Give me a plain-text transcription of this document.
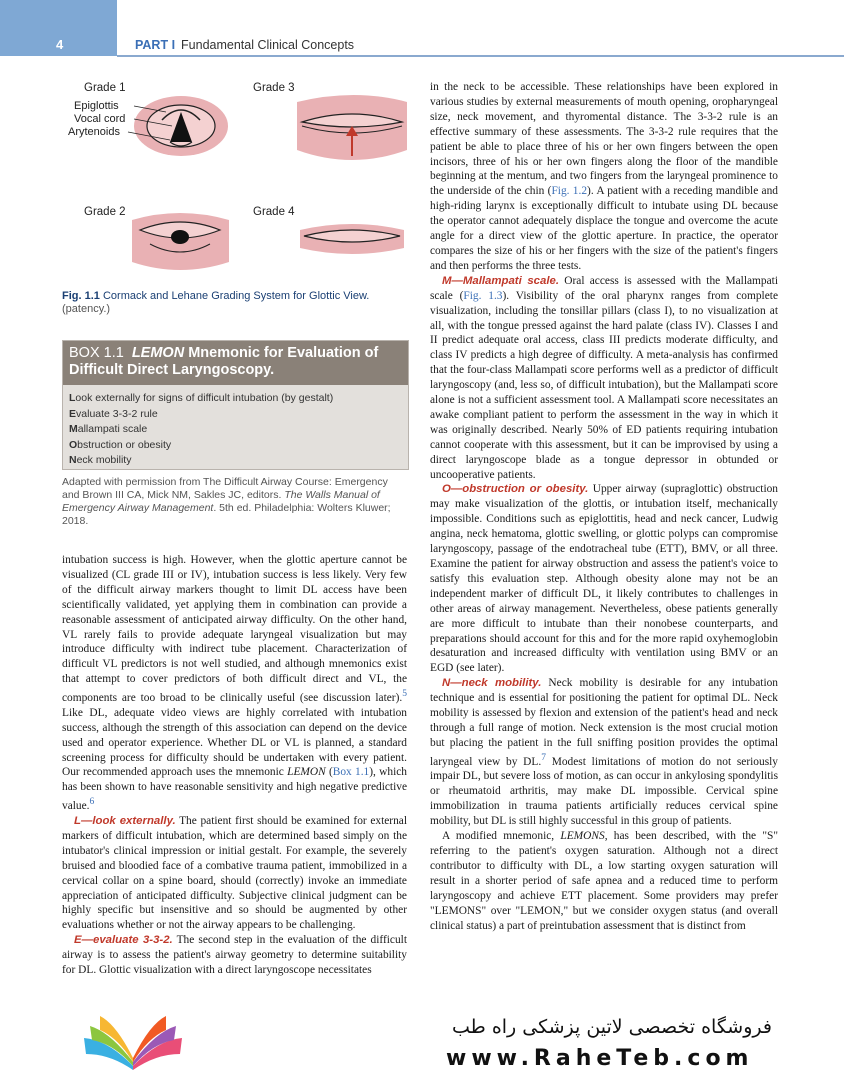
4	PART I Fundamental Clinical Concepts
Grade 1	Grade 3
Grade 2	Grade 4
Epiglottis
Vocal cord
Arytenoids
Fig. 1.1 Cormack and Lehane Grading System for Glottic View.
(patency.)
BOX 1.1 LEMON Mnemonic for Evaluation of Difficult Direct Laryngoscopy.
Look externally for signs of difficult intubation (by gestalt)
Evaluate 3-3-2 rule
Mallampati scale
Obstruction or obesity
Neck mobility
Adapted with permission from The Difficult Airway Course: Emergency and Brown III CA, Mick NM, Sakles JC, editors. The Walls Manual of Emergency Airway Management. 5th ed. Philadelphia: Wolters Kluwer; 2018.

intubation success is high. However, when the glottic aperture cannot be visualized (CL grade III or IV), intubation success is less likely. Very few of the difficult airway markers thought to limit DL access have been scientifically validated, yet applying them in combination can provide a reasonable assessment of anticipated airway difficulty. On the other hand, VL rarely fails to provide adequate laryngeal visualization but may introduce difficulty with indirect tube placement. Characterization of difficult VL predictors is not well studied, and although mnemonics exist that attempt to cover predictors of both difficult direct and VL, the components are too broad to be clinically useful (see discussion later).$^5$ Like DL, adequate video views are highly correlated with intubation success, although the strength of this association can depend on the device used and operator experience. Whether DL or VL is planned, a standard screening process for difficulty should be undertaken with every patient. Our recommended approach uses the mnemonic LEMON (Box 1.1), which has been shown to have reasonable sensitivity and high negative predictive value.$^6$

L—look externally. The patient first should be examined for external markers of difficult intubation, which are determined based simply on the intubator's clinical impression or initial gestalt. For example, the severely bruised and bloodied face of a combative trauma patient, immobilized in a cervical collar on a spine board, should (correctly) invoke an immediate appreciation of anticipated difficulty. Subjective clinical judgment can be highly specific but insensitive and so should be augmented by other evaluations whether or not the airway appears to be challenging.

E—evaluate 3-3-2. The second step in the evaluation of the difficult airway is to assess the patient's airway geometry to determine suitability for DL. Glottic visualization with a direct laryngoscope necessitates

in the neck to be accessible. These relationships have been explored in various studies by external measurements of mouth opening, oropharyngeal size, neck movement, and thyromental distance. The 3-3-2 rule is an effective summary of these assessments. The 3-3-2 rule requires that the patient be able to place three of his or her own fingers between the open incisors, three of his or her own fingers along the floor of the mandible beginning at the mentum, and two fingers from the laryngeal prominence to the underside of the chin (Fig. 1.2). A patient with a receding mandible and high-riding larynx is exceptionally difficult to intubate using DL because the operator cannot adequately displace the tongue and overcome the acute angle for a direct view of the glottic aperture. In practice, the operator compares the size of his or her fingers with the size of the patient's fingers and then performs the three tests.

M—Mallampati scale. Oral access is assessed with the Mallampati scale (Fig. 1.3). Visibility of the oral pharynx ranges from complete visualization, including the tonsillar pillars (class I), to no visualization at all, with the tongue pressed against the hard palate (class IV). Classes I and II predict adequate oral access, class III predicts moderate difficulty, and class IV predicts a high degree of difficulty. A meta-analysis has confirmed that the four-class Mallampati score performs well as a predictor of difficult laryngoscopy (and, less so, of difficult intubation), but the Mallampati score alone is not a sufficient assessment tool. A Mallampati score necessitates an awake compliant patient to perform the assessment in the way in which it was originally described. Nearly 50% of ED patients requiring intubation cannot cooperate with this assessment, but it can be improvised by using a direct laryngoscope blade as a tongue depressor in obtunded or uncooperative patients.

O—obstruction or obesity. Upper airway (supraglottic) obstruction may make visualization of the glottis, or intubation itself, mechanically impossible. Conditions such as epiglottitis, head and neck cancer, Ludwig angina, neck hematoma, glottic swelling, or glottic polyps can compromise laryngoscopy, passage of the endotracheal tube (ETT), BMV, or all three. Examine the patient for airway obstruction and assess the patient's voice to satisfy this evaluation step. Although obesity alone may not be an independent marker of difficult DL, it likely contributes to challenges in other areas of airway management. Nevertheless, obese patients generally are more difficult to intubate than their nonobese counterparts, and preparations should account for this and for the more rapid oxyhemoglobin desaturation and increased difficulty with ventilation using BMV or an EGD (see later).

N—neck mobility. Neck mobility is desirable for any intubation technique and is essential for positioning the patient for optimal DL. Neck mobility is assessed by flexion and extension of the patient's head and neck through a full range of motion. Neck extension is the most crucial motion but placing the patient in the full sniffing position provides the optimal laryngeal view by DL.$^7$ Modest limitations of motion do not seriously impair DL, but severe loss of motion, as can occur in ankylosing spondylitis or rheumatoid arthritis, may make DL impossible. Cervical spine immobilization in trauma patients artificially reduces cervical spine mobility, but DL is still highly successful in this group of patients.

A modified mnemonic, LEMONS, has been described, with the "S" referring to the patient's oxygen saturation. Although not a direct contributor to difficulty with DL, a low starting oxygen saturation will result in a shorter period of safe apnea and a reduced time to perform laryngoscopy and achieve ETT placement. Some providers may prefer "LEMONS" over "LEMON," but we consider oxygen status (and overall clinical status) a part of preintubation assessment that is distinct from

فروشگاه تخصصی لاتین پزشکی راه طب
www.RaheTeb.com
